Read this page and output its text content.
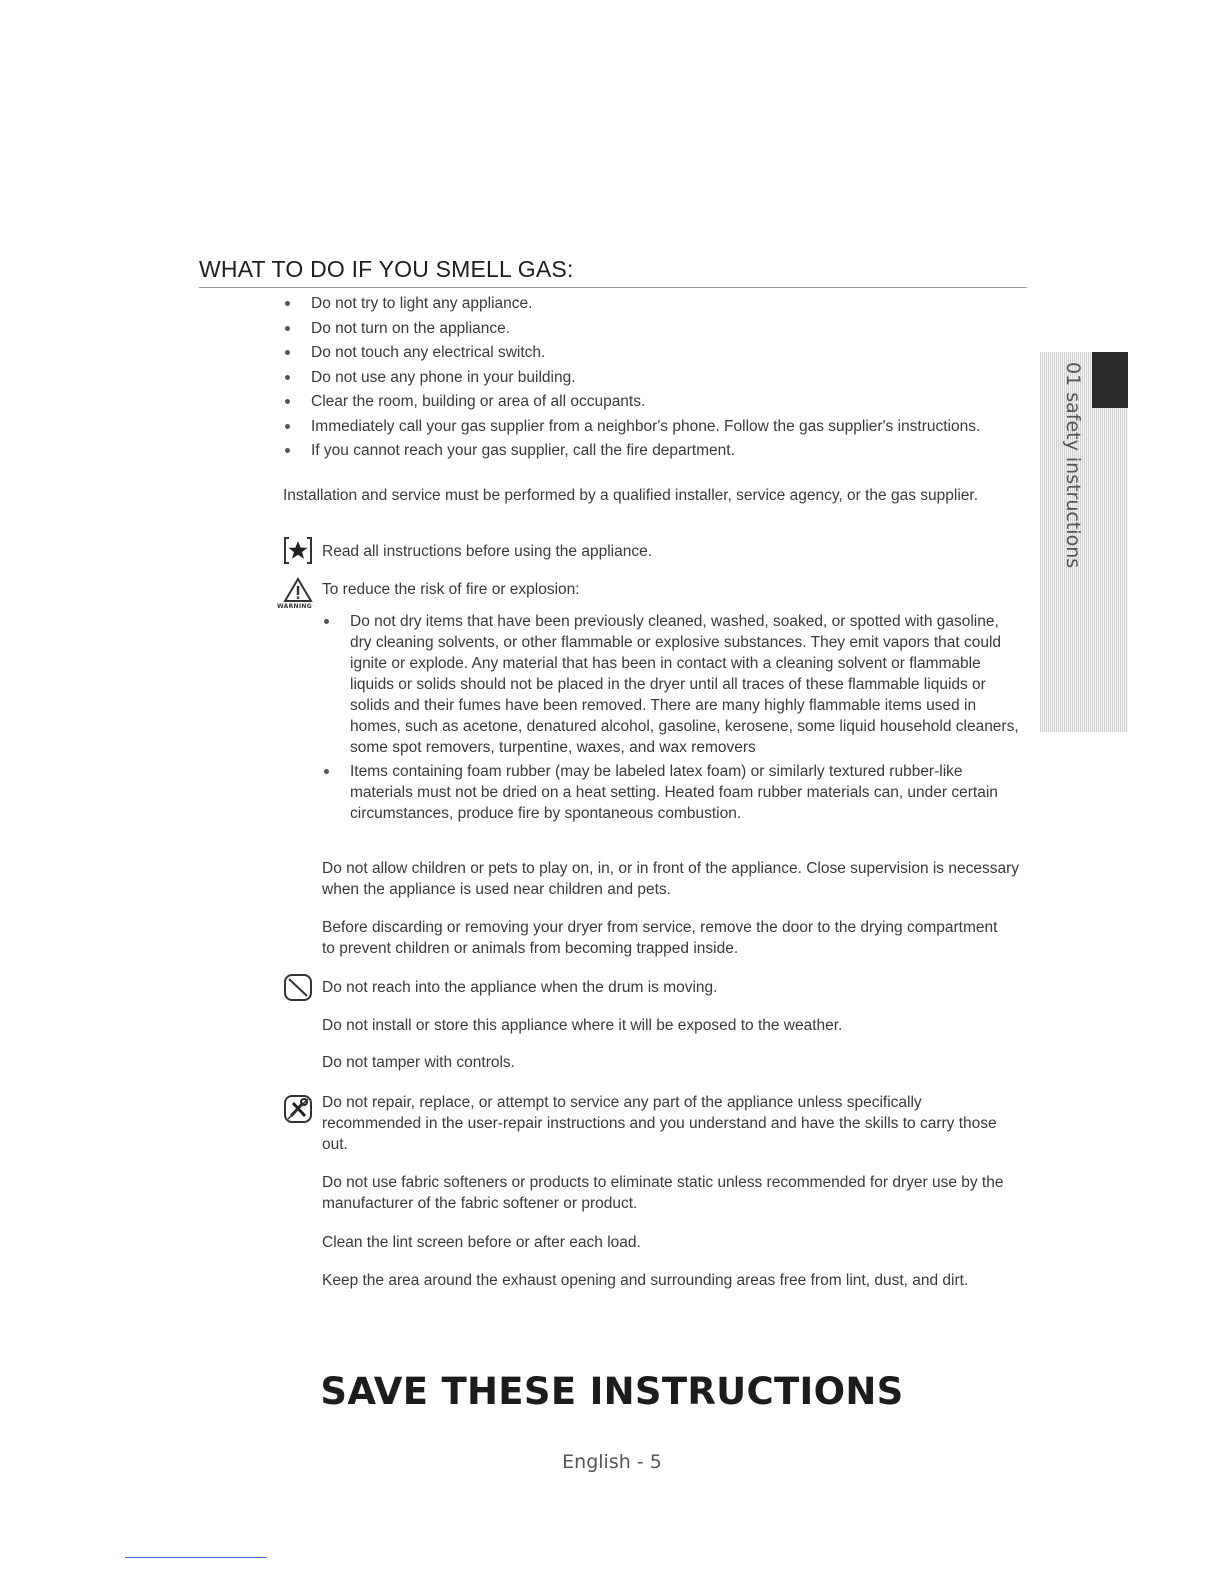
WHAT TO DO IF YOU SMELL GAS:
Do not try to light any appliance.
Do not turn on the appliance.
Do not touch any electrical switch.
Do not use any phone in your building.
Clear the room, building or area of all occupants.
Immediately call your gas supplier from a neighbor's phone. Follow the gas supplier's instructions.
If you cannot reach your gas supplier, call the fire department.

Installation and service must be performed by a qualified installer, service agency, or the gas supplier.

Read all instructions before using the appliance.

WARNING

To reduce the risk of fire or explosion:

Do not dry items that have been previously cleaned, washed, soaked, or spotted with gasoline, dry cleaning solvents, or other flammable or explosive substances. They emit vapors that could ignite or explode. Any material that has been in contact with a cleaning solvent or flammable liquids or solids should not be placed in the dryer until all traces of these flammable liquids or solids and their fumes have been removed. There are many highly flammable items used in homes, such as acetone, denatured alcohol, gasoline, kerosene, some liquid household cleaners, some spot removers, turpentine, waxes, and wax removers
Items containing foam rubber (may be labeled latex foam) or similarly textured rubber-like materials must not be dried on a heat setting. Heated foam rubber materials can, under certain circumstances, produce fire by spontaneous combustion.

Do not allow children or pets to play on, in, or in front of the appliance. Close supervision is necessary when the appliance is used near children and pets.

Before discarding or removing your dryer from service, remove the door to the drying compartment to prevent children or animals from becoming trapped inside.

Do not reach into the appliance when the drum is moving.

Do not install or store this appliance where it will be exposed to the weather.

Do not tamper with controls.

Do not repair, replace, or attempt to service any part of the appliance unless specifically recommended in the user-repair instructions and you understand and have the skills to carry those out.

Do not use fabric softeners or products to eliminate static unless recommended for dryer use by the manufacturer of the fabric softener or product.

Clean the lint screen before or after each load.

Keep the area around the exhaust opening and surrounding areas free from lint, dust, and dirt.

SAVE THESE INSTRUCTIONS
English - 5
01 safety instructions
